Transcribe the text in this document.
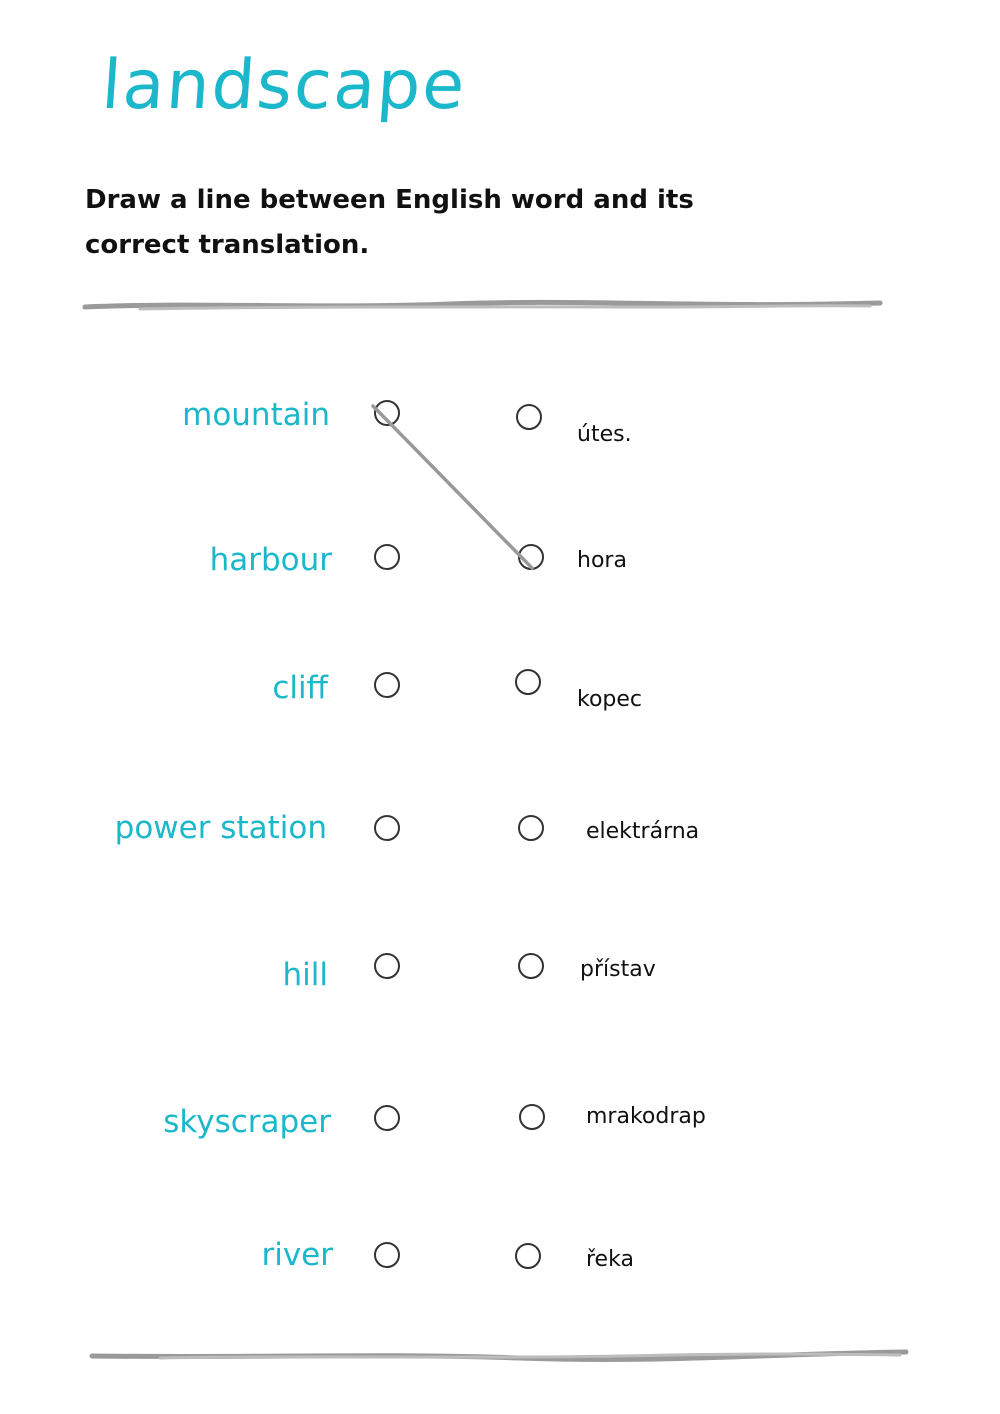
landscape

Draw a line between English word and its correct translation.

mountain
harbour
cliff
power station
hill
skyscraper
river
útes.
hora
kopec
elektrárna
přístav
mrakodrap
řeka
